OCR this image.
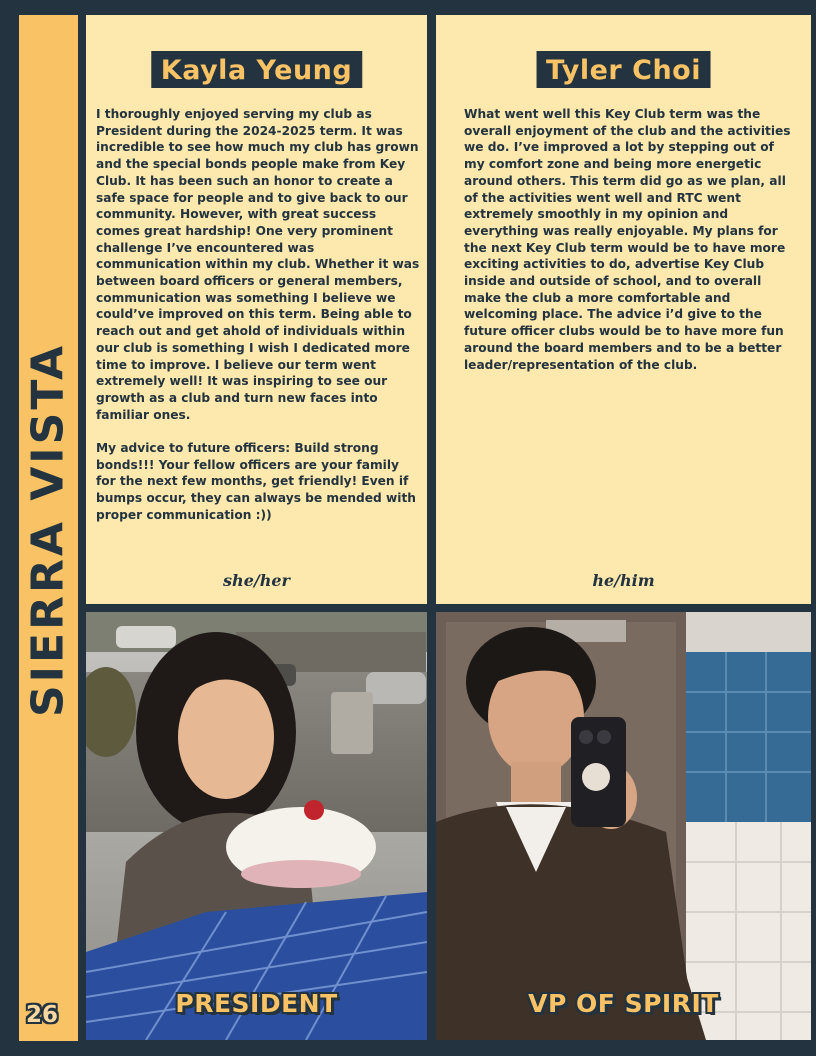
SIERRA VISTA
26
Kayla Yeung

I thoroughly enjoyed serving my club as President during the 2024-2025 term. It was incredible to see how much my club has grown and the special bonds people make from Key Club. It has been such an honor to create a safe space for people and to give back to our community. However, with great success comes great hardship! One very prominent challenge I’ve encountered was communication within my club. Whether it was between board officers or general members, communication was something I believe we could’ve improved on this term. Being able to reach out and get ahold of individuals within our club is something I wish I dedicated more time to improve. I believe our term went extremely well! It was inspiring to see our growth as a club and turn new faces into familiar ones.

My advice to future officers: Build strong bonds!!! Your fellow officers are your family for the next few months, get friendly! Even if bumps occur, they can always be mended with proper communication :))

she/her
Tyler Choi

What went well this Key Club term was the overall enjoyment of the club and the activities we do. I’ve improved a lot by stepping out of my comfort zone and being more energetic around others. This term did go as we plan, all of the activities went well and RTC went extremely smoothly in my opinion and everything was really enjoyable. My plans for the next Key Club term would be to have more exciting activities to do, advertise Key Club inside and outside of school, and to overall make the club a more comfortable and welcoming place. The advice i’d give to the future officer clubs would be to have more fun around the board members and to be a better leader/representation of the club.

he/him
PRESIDENT	VP OF SPIRIT
